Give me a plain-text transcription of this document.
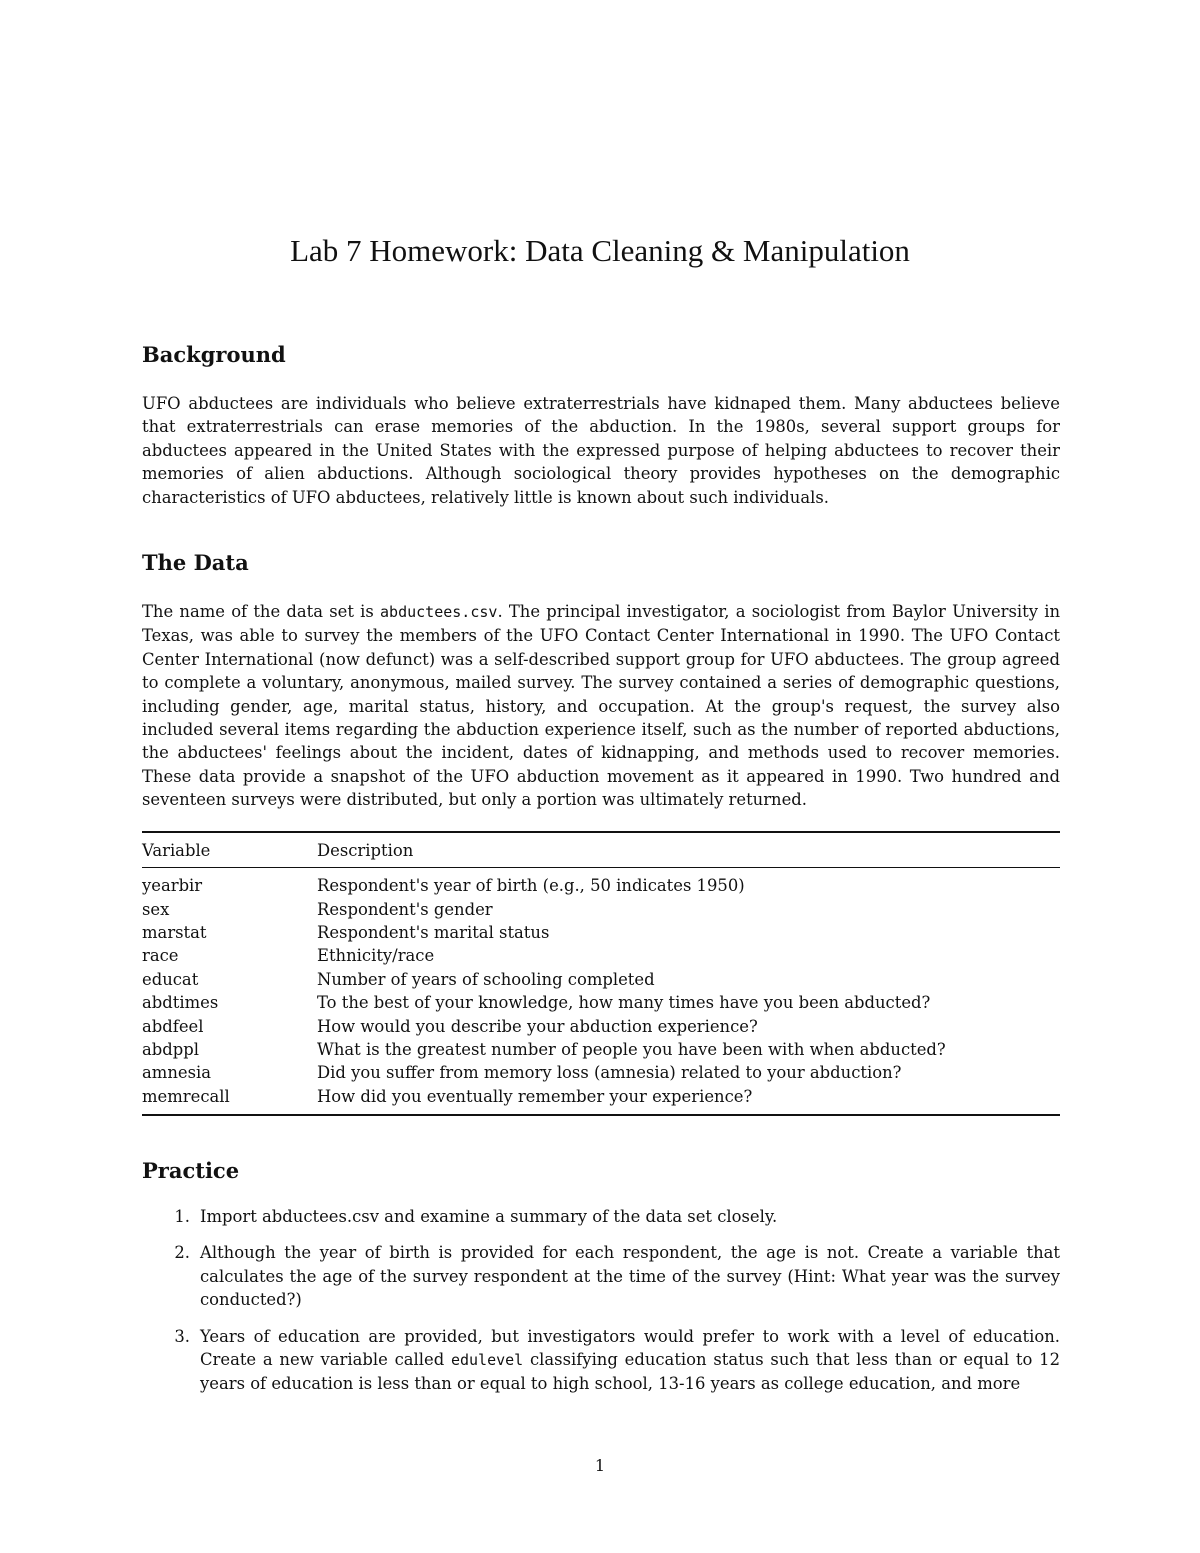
Lab 7 Homework: Data Cleaning & Manipulation
Background

UFO abductees are individuals who believe extraterrestrials have kidnaped them. Many abductees believe that extraterrestrials can erase memories of the abduction. In the 1980s, several support groups for abductees appeared in the United States with the expressed purpose of helping abductees to recover their memories of alien abductions. Although sociological theory provides hypotheses on the demographic characteristics of UFO abductees, relatively little is known about such individuals.

The Data

The name of the data set is abductees.csv. The principal investigator, a sociologist from Baylor University in Texas, was able to survey the members of the UFO Contact Center International in 1990. The UFO Contact Center International (now defunct) was a self-described support group for UFO abductees. The group agreed to complete a voluntary, anonymous, mailed survey. The survey contained a series of demographic questions, including gender, age, marital status, history, and occupation. At the group's request, the survey also included several items regarding the abduction experience itself, such as the number of reported abductions, the abductees' feelings about the incident, dates of kidnapping, and methods used to recover memories. These data provide a snapshot of the UFO abduction movement as it appeared in 1990. Two hundred and seventeen surveys were distributed, but only a portion was ultimately returned.

Variable	Description
yearbir	Respondent's year of birth (e.g., 50 indicates 1950)
sex	Respondent's gender
marstat	Respondent's marital status
race	Ethnicity/race
educat	Number of years of schooling completed
abdtimes	To the best of your knowledge, how many times have you been abducted?
abdfeel	How would you describe your abduction experience?
abdppl	What is the greatest number of people you have been with when abducted?
amnesia	Did you suffer from memory loss (amnesia) related to your abduction?
memrecall	How did you eventually remember your experience?
Practice
1. Import abductees.csv and examine a summary of the data set closely.
2. Although the year of birth is provided for each respondent, the age is not. Create a variable that calculates the age of the survey respondent at the time of the survey (Hint: What year was the survey conducted?)
3. Years of education are provided, but investigators would prefer to work with a level of education. Create a new variable called edulevel classifying education status such that less than or equal to 12 years of education is less than or equal to high school, 13-16 years as college education, and more
1
